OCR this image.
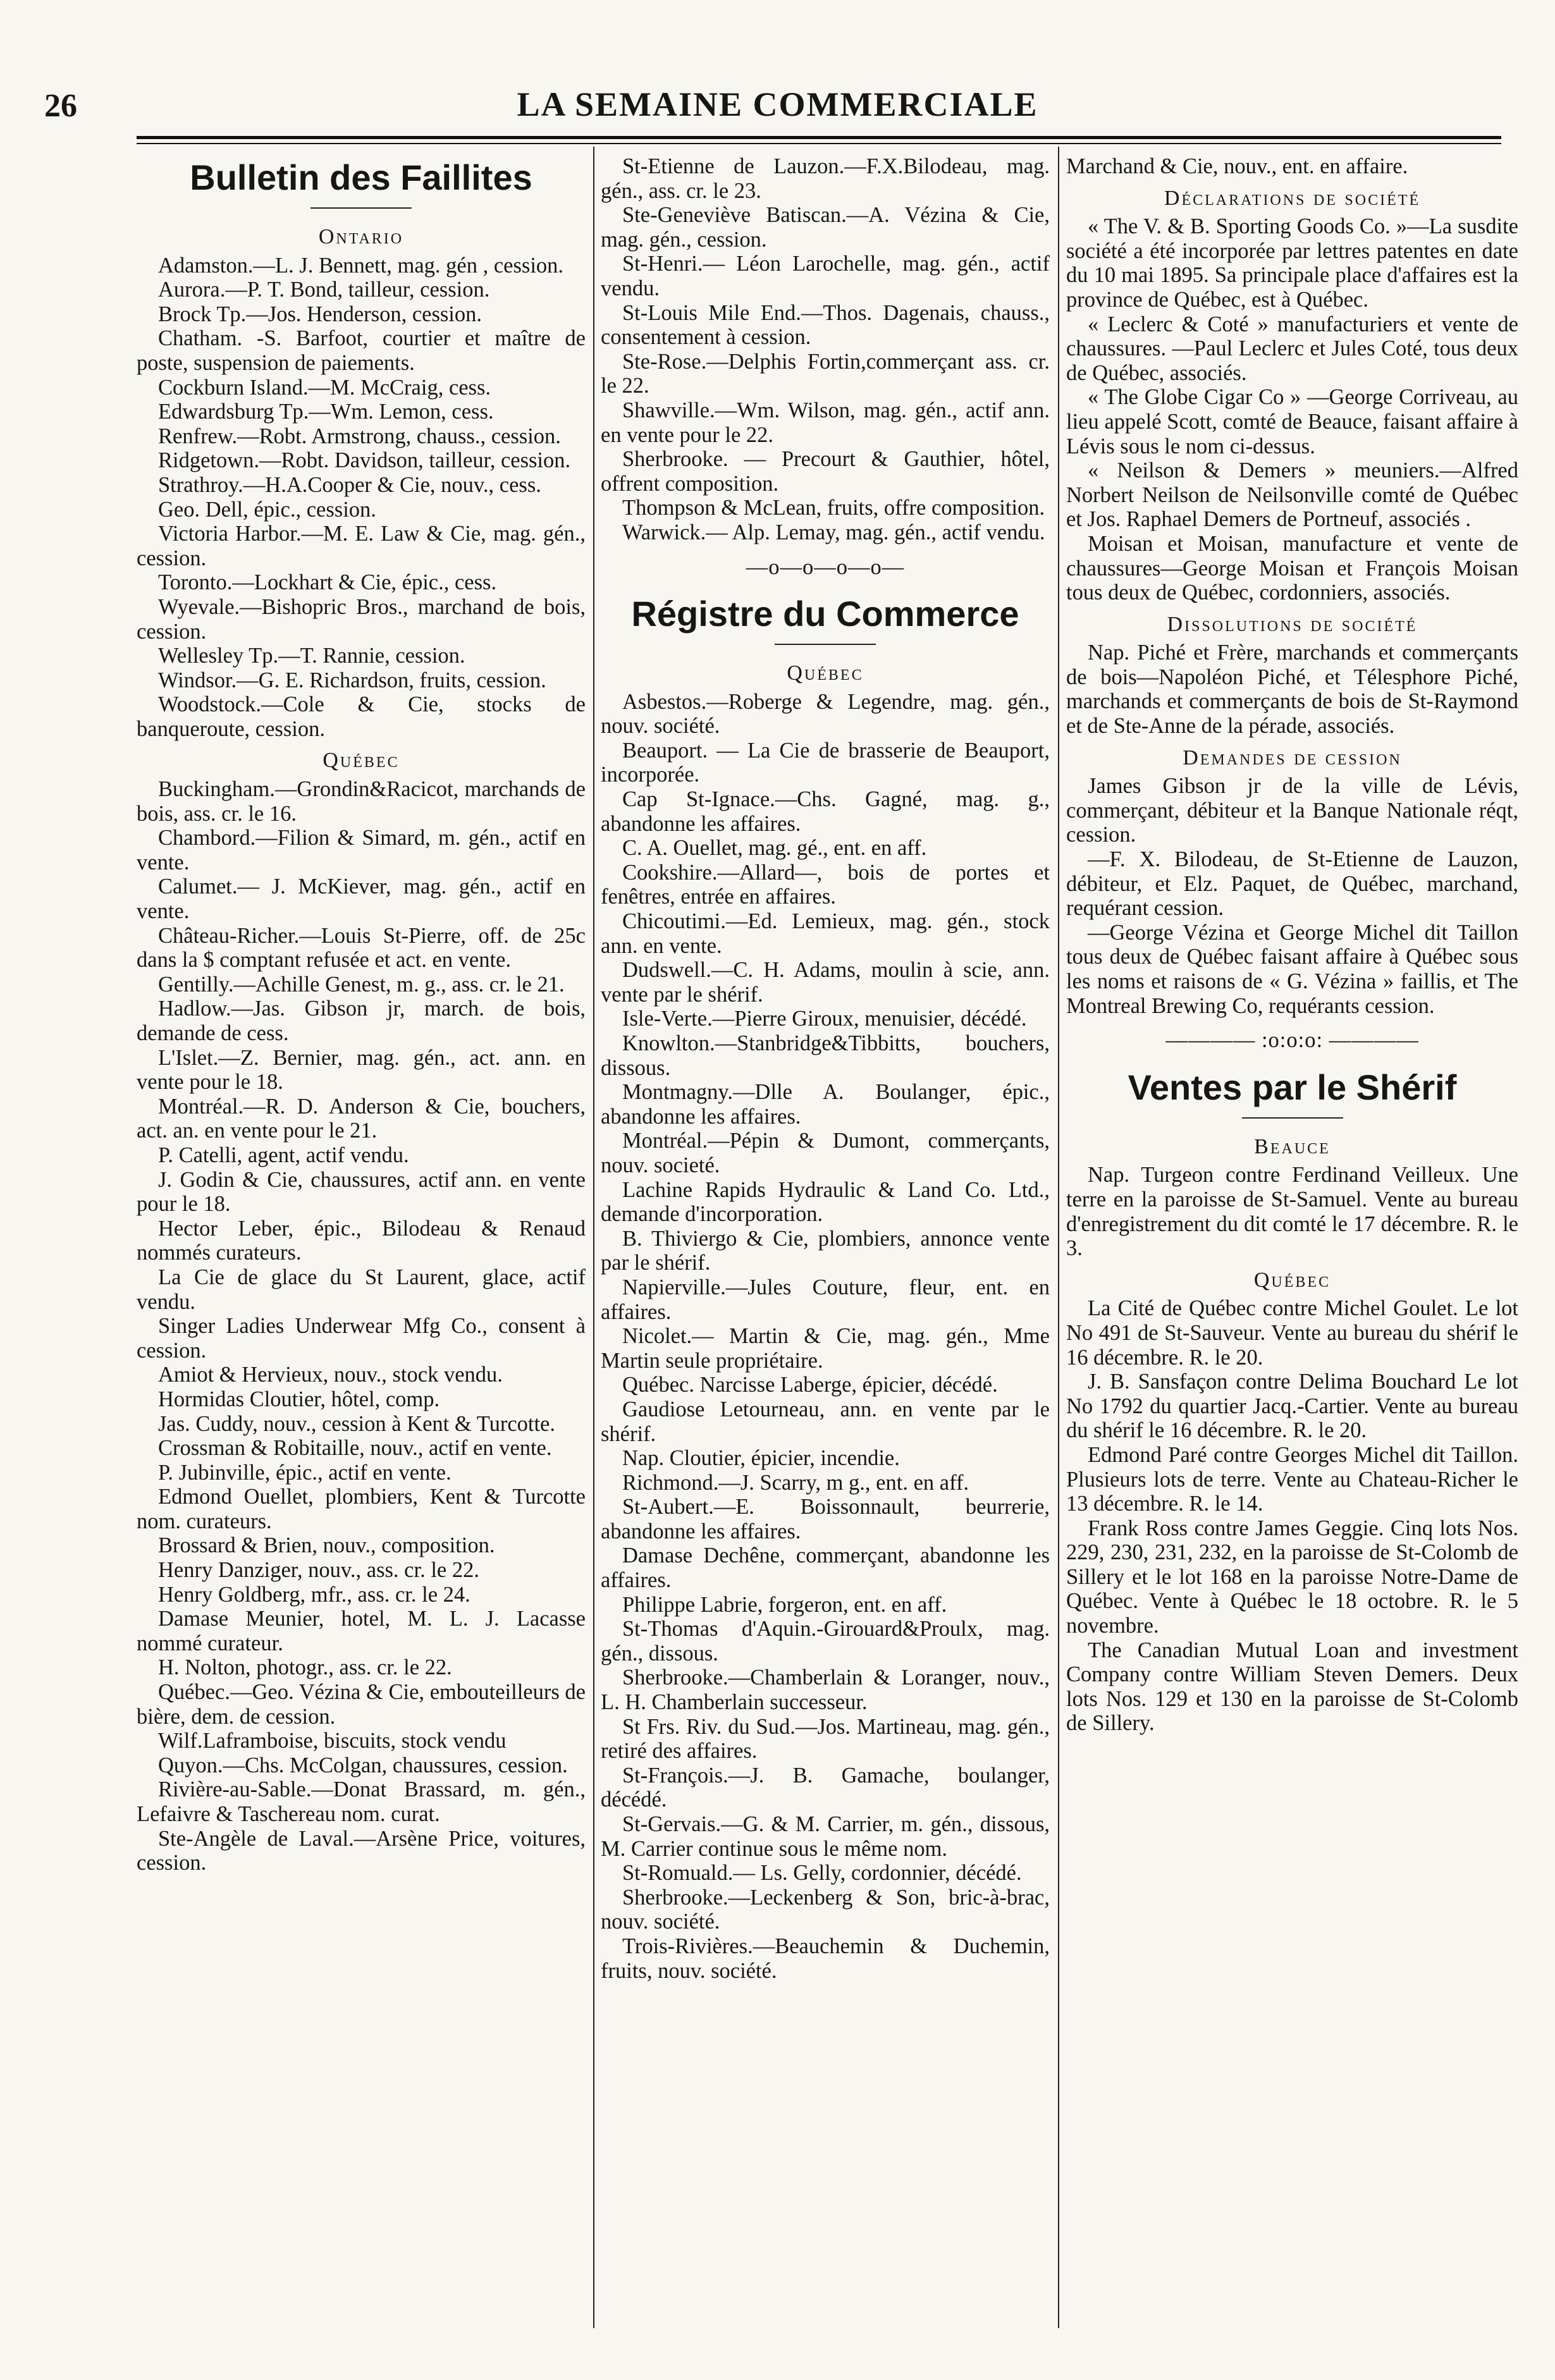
26	LA SEMAINE COMMERCIALE
Bulletin des Faillites
Ontario

Adamston.—L. J. Bennett, mag. gén , cession.

Aurora.—P. T. Bond, tailleur, cession.

Brock Tp.—Jos. Henderson, cession.

Chatham. -S. Barfoot, courtier et maître de poste, suspension de paiements.

Cockburn Island.—M. McCraig, cess.

Edwardsburg Tp.—Wm. Lemon, cess.

Renfrew.—Robt. Armstrong, chauss., cession.

Ridgetown.—Robt. Davidson, tailleur, cession.

Strathroy.—H.A.Cooper & Cie, nouv., cess.

Geo. Dell, épic., cession.

Victoria Harbor.—M. E. Law & Cie, mag. gén., cession.

Toronto.—Lockhart & Cie, épic., cess.

Wyevale.—Bishopric Bros., marchand de bois, cession.

Wellesley Tp.—T. Rannie, cession.

Windsor.—G. E. Richardson, fruits, cession.

Woodstock.—Cole & Cie, stocks de banqueroute, cession.

Québec

Buckingham.—Grondin&Racicot, marchands de bois, ass. cr. le 16.

Chambord.—Filion & Simard, m. gén., actif en vente.

Calumet.— J. McKiever, mag. gén., actif en vente.

Château-Richer.—Louis St-Pierre, off. de 25c dans la $ comptant refusée et act. en vente.

Gentilly.—Achille Genest, m. g., ass. cr. le 21.

Hadlow.—Jas. Gibson jr, march. de bois, demande de cess.

L'Islet.—Z. Bernier, mag. gén., act. ann. en vente pour le 18.

Montréal.—R. D. Anderson & Cie, bouchers, act. an. en vente pour le 21.

P. Catelli, agent, actif vendu.

J. Godin & Cie, chaussures, actif ann. en vente pour le 18.

Hector Leber, épic., Bilodeau & Renaud nommés curateurs.

La Cie de glace du St Laurent, glace, actif vendu.

Singer Ladies Underwear Mfg Co., consent à cession.

Amiot & Hervieux, nouv., stock vendu.

Hormidas Cloutier, hôtel, comp.

Jas. Cuddy, nouv., cession à Kent & Turcotte.

Crossman & Robitaille, nouv., actif en vente.

P. Jubinville, épic., actif en vente.

Edmond Ouellet, plombiers, Kent & Turcotte nom. curateurs.

Brossard & Brien, nouv., composition.

Henry Danziger, nouv., ass. cr. le 22.

Henry Goldberg, mfr., ass. cr. le 24.

Damase Meunier, hotel, M. L. J. Lacasse nommé curateur.

H. Nolton, photogr., ass. cr. le 22.

Québec.—Geo. Vézina & Cie, embouteilleurs de bière, dem. de cession.

Wilf.Laframboise, biscuits, stock vendu

Quyon.—Chs. McColgan, chaussures, cession.

Rivière-au-Sable.—Donat Brassard, m. gén., Lefaivre & Taschereau nom. curat.

Ste-Angèle de Laval.—Arsène Price, voitures, cession.

St-Etienne de Lauzon.—F.X.Bilodeau, mag. gén., ass. cr. le 23.

Ste-Geneviève Batiscan.—A. Vézina & Cie, mag. gén., cession.

St-Henri.— Léon Larochelle, mag. gén., actif vendu.

St-Louis Mile End.—Thos. Dagenais, chauss., consentement à cession.

Ste-Rose.—Delphis Fortin,commerçant ass. cr. le 22.

Shawville.—Wm. Wilson, mag. gén., actif ann. en vente pour le 22.

Sherbrooke. — Precourt & Gauthier, hôtel, offrent composition.

Thompson & McLean, fruits, offre composition.

Warwick.— Alp. Lemay, mag. gén., actif vendu.

—o—o—o—o—
Régistre du Commerce
Québec

Asbestos.—Roberge & Legendre, mag. gén., nouv. société.

Beauport. — La Cie de brasserie de Beauport, incorporée.

Cap St-Ignace.—Chs. Gagné, mag. g., abandonne les affaires.

C. A. Ouellet, mag. gé., ent. en aff.

Cookshire.—Allard—, bois de portes et fenêtres, entrée en affaires.

Chicoutimi.—Ed. Lemieux, mag. gén., stock ann. en vente.

Dudswell.—C. H. Adams, moulin à scie, ann. vente par le shérif.

Isle-Verte.—Pierre Giroux, menuisier, décédé.

Knowlton.—Stanbridge&Tibbitts, bouchers, dissous.

Montmagny.—Dlle A. Boulanger, épic., abandonne les affaires.

Montréal.—Pépin & Dumont, commerçants, nouv. societé.

Lachine Rapids Hydraulic & Land Co. Ltd., demande d'incorporation.

B. Thiviergo & Cie, plombiers, annonce vente par le shérif.

Napierville.—Jules Couture, fleur, ent. en affaires.

Nicolet.— Martin & Cie, mag. gén., Mme Martin seule propriétaire.

Québec. Narcisse Laberge, épicier, décédé.

Gaudiose Letourneau, ann. en vente par le shérif.

Nap. Cloutier, épicier, incendie.

Richmond.—J. Scarry, m g., ent. en aff.

St-Aubert.—E. Boissonnault, beurrerie, abandonne les affaires.

Damase Dechêne, commerçant, abandonne les affaires.

Philippe Labrie, forgeron, ent. en aff.

St-Thomas d'Aquin.-Girouard&Proulx, mag. gén., dissous.

Sherbrooke.—Chamberlain & Loranger, nouv., L. H. Chamberlain successeur.

St Frs. Riv. du Sud.—Jos. Martineau, mag. gén., retiré des affaires.

St-François.—J. B. Gamache, boulanger, décédé.

St-Gervais.—G. & M. Carrier, m. gén., dissous, M. Carrier continue sous le même nom.

St-Romuald.— Ls. Gelly, cordonnier, décédé.

Sherbrooke.—Leckenberg & Son, bric-à-brac, nouv. société.

Trois-Rivières.—Beauchemin & Duchemin, fruits, nouv. société.

Marchand & Cie, nouv., ent. en affaire.

Déclarations de société

« The V. & B. Sporting Goods Co. »—La susdite société a été incorporée par lettres patentes en date du 10 mai 1895. Sa principale place d'affaires est la province de Québec, est à Québec.

« Leclerc & Coté » manufacturiers et vente de chaussures. —Paul Leclerc et Jules Coté, tous deux de Québec, associés.

« The Globe Cigar Co » —George Corriveau, au lieu appelé Scott, comté de Beauce, faisant affaire à Lévis sous le nom ci-dessus.

« Neilson & Demers » meuniers.—Alfred Norbert Neilson de Neilsonville comté de Québec et Jos. Raphael Demers de Portneuf, associés .

Moisan et Moisan, manufacture et vente de chaussures—George Moisan et François Moisan tous deux de Québec, cordonniers, associés.

Dissolutions de société

Nap. Piché et Frère, marchands et commerçants de bois—Napoléon Piché, et Télesphore Piché, marchands et commerçants de bois de St-Raymond et de Ste-Anne de la pérade, associés.

Demandes de cession

James Gibson jr de la ville de Lévis, commerçant, débiteur et la Banque Nationale réqt, cession.

—F. X. Bilodeau, de St-Etienne de Lauzon, débiteur, et Elz. Paquet, de Québec, marchand, requérant cession.

—George Vézina et George Michel dit Taillon tous deux de Québec faisant affaire à Québec sous les noms et raisons de « G. Vézina » faillis, et The Montreal Brewing Co, requérants cession.

———— :o:o:o: ————
Ventes par le Shérif
Beauce

Nap. Turgeon contre Ferdinand Veilleux. Une terre en la paroisse de St-Samuel. Vente au bureau d'enregistrement du dit comté le 17 décembre. R. le 3.

Québec

La Cité de Québec contre Michel Goulet. Le lot No 491 de St-Sauveur. Vente au bureau du shérif le 16 décembre. R. le 20.

J. B. Sansfaçon contre Delima Bouchard Le lot No 1792 du quartier Jacq.-Cartier. Vente au bureau du shérif le 16 décembre. R. le 20.

Edmond Paré contre Georges Michel dit Taillon. Plusieurs lots de terre. Vente au Chateau-Richer le 13 décembre. R. le 14.

Frank Ross contre James Geggie. Cinq lots Nos. 229, 230, 231, 232, en la paroisse de St-Colomb de Sillery et le lot 168 en la paroisse Notre-Dame de Québec. Vente à Québec le 18 octobre. R. le 5 novembre.

The Canadian Mutual Loan and investment Company contre William Steven Demers. Deux lots Nos. 129 et 130 en la paroisse de St-Colomb de Sillery.
